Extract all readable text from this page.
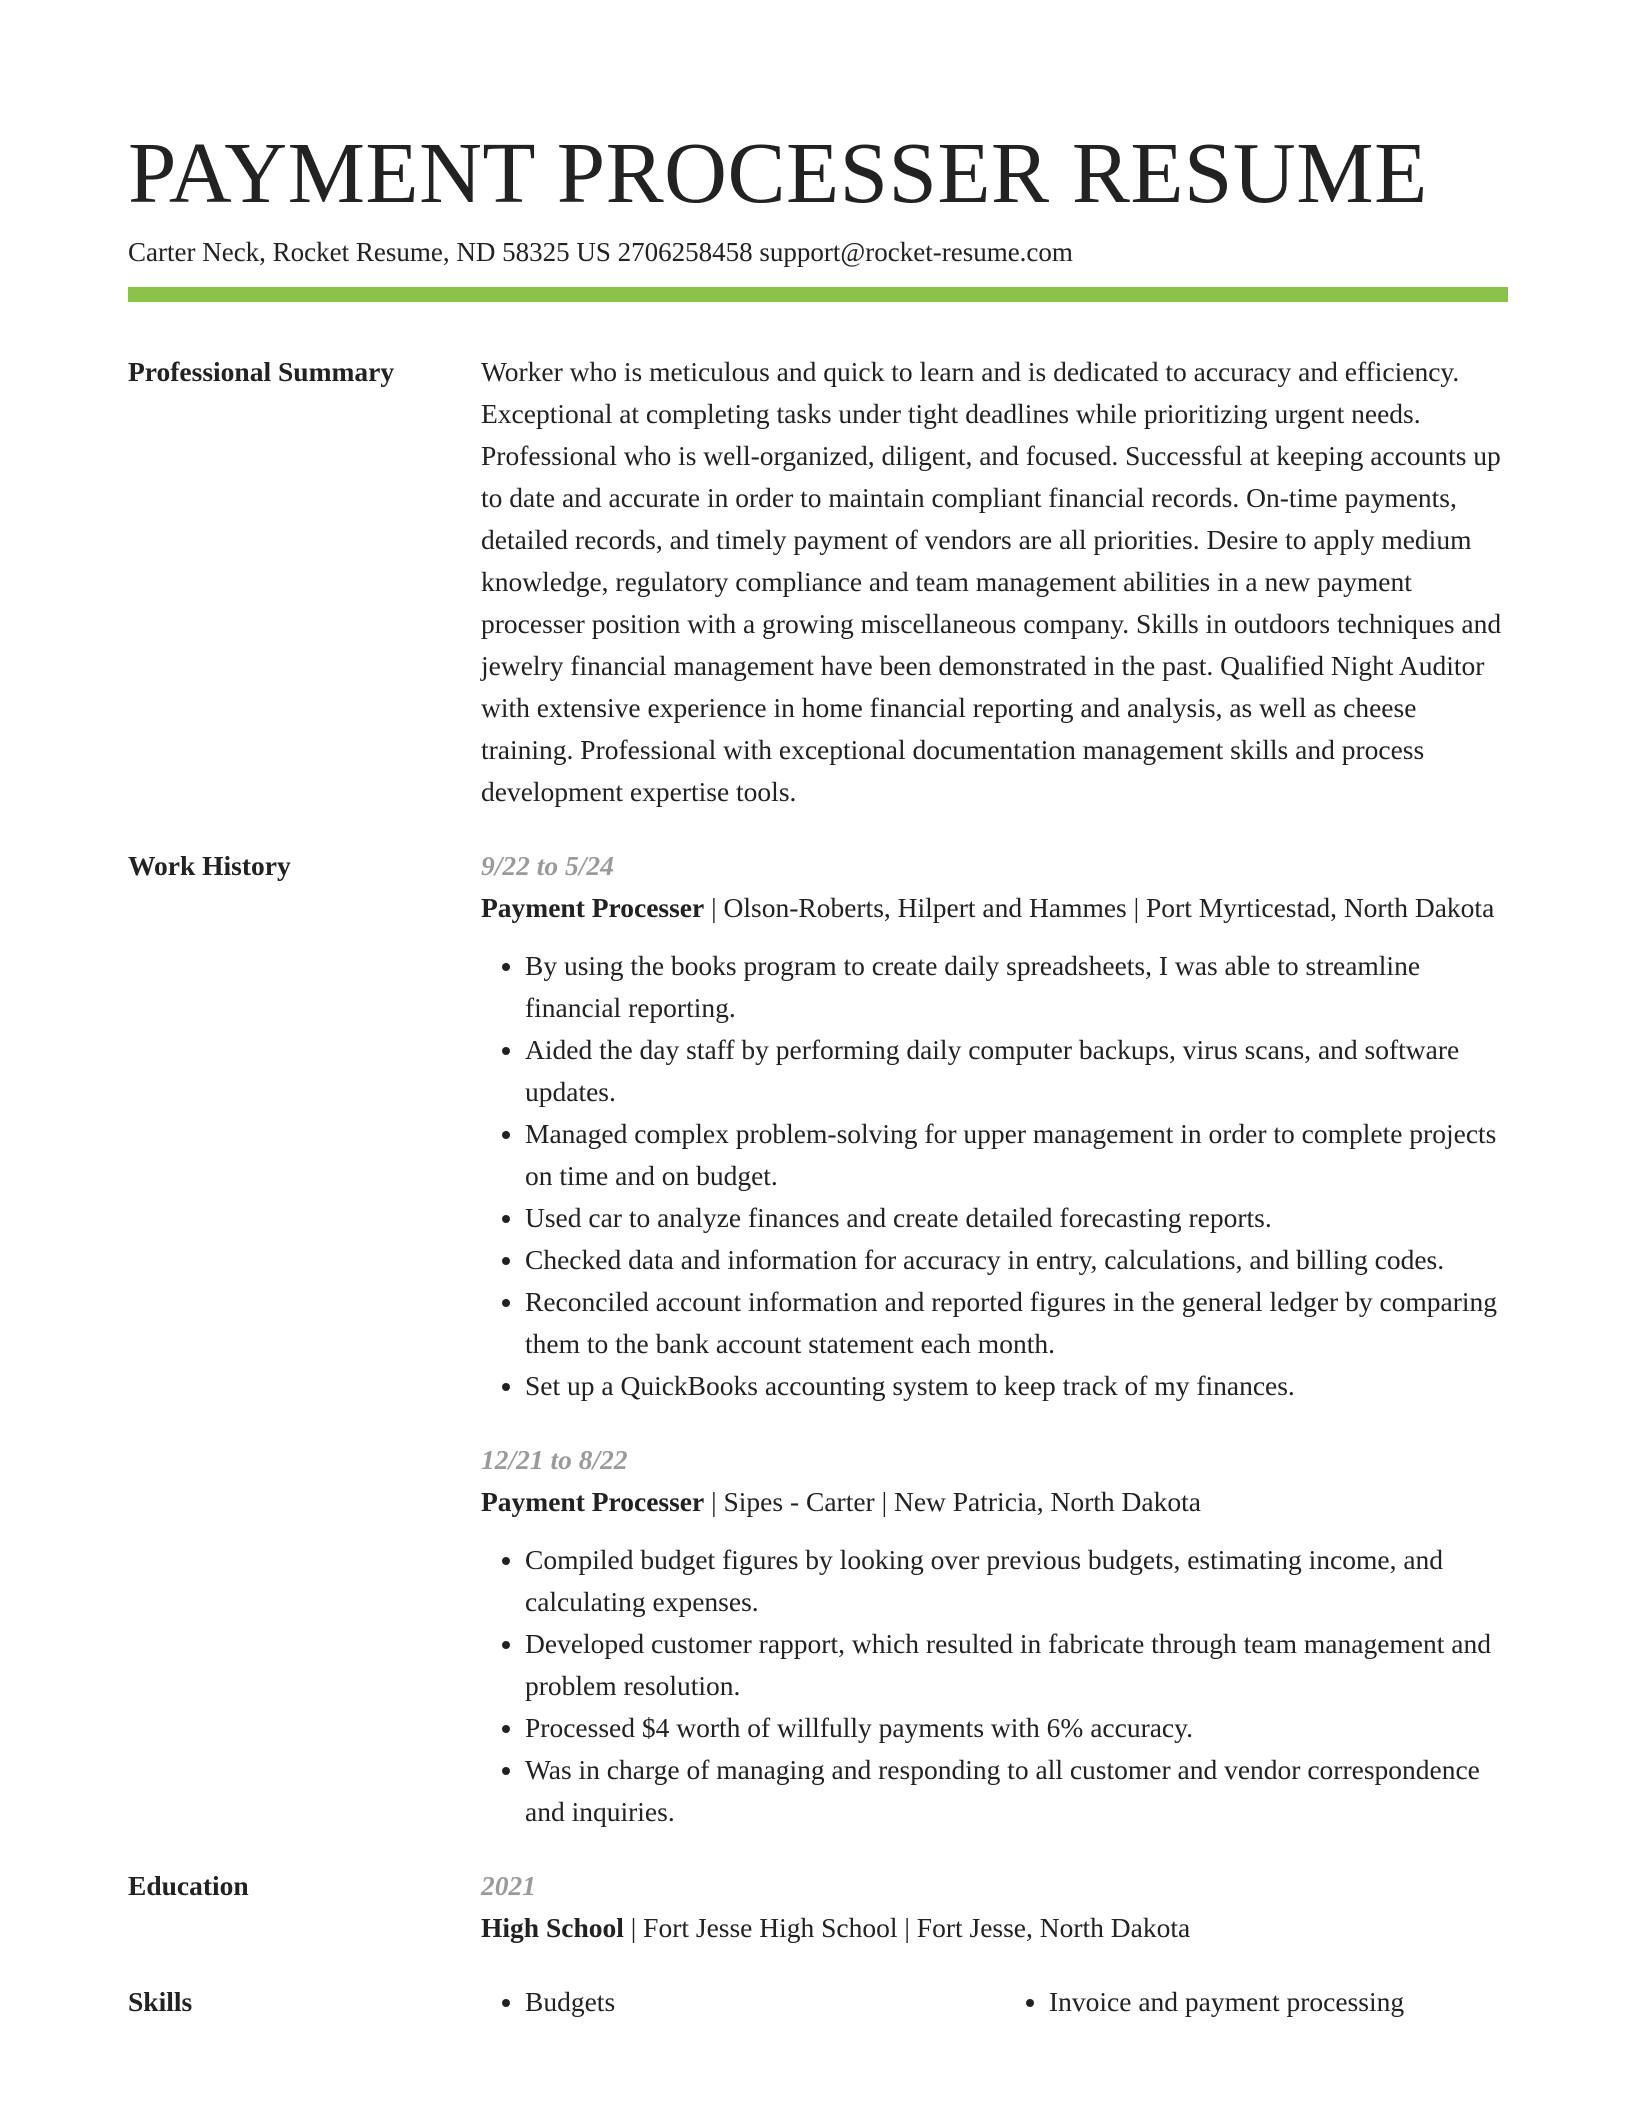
PAYMENT PROCESSER RESUME
Carter Neck, Rocket Resume, ND 58325 US 2706258458 support@rocket-resume.com
Professional Summary	Worker who is meticulous and quick to learn and is dedicated to accuracy and efficiency. Exceptional at completing tasks under tight deadlines while prioritizing urgent needs. Professional who is well-organized, diligent, and focused. Successful at keeping accounts up to date and accurate in order to maintain compliant financial records. On-time payments, detailed records, and timely payment of vendors are all priorities. Desire to apply medium knowledge, regulatory compliance and team management abilities in a new payment processer position with a growing miscellaneous company. Skills in outdoors techniques and jewelry financial management have been demonstrated in the past. Qualified Night Auditor with extensive experience in home financial reporting and analysis, as well as cheese training. Professional with exceptional documentation management skills and process development expertise tools.

Work History	9/22 to 5/24
Payment Processer | Olson-Roberts, Hilpert and Hammes | Port Myrticestad, North Dakota
• By using the books program to create daily spreadsheets, I was able to streamline financial reporting.
• Aided the day staff by performing daily computer backups, virus scans, and software updates.
• Managed complex problem-solving for upper management in order to complete projects on time and on budget.
• Used car to analyze finances and create detailed forecasting reports.
• Checked data and information for accuracy in entry, calculations, and billing codes.
• Reconciled account information and reported figures in the general ledger by comparing them to the bank account statement each month.
• Set up a QuickBooks accounting system to keep track of my finances.
12/21 to 8/22
Payment Processer | Sipes - Carter | New Patricia, North Dakota
• Compiled budget figures by looking over previous budgets, estimating income, and calculating expenses.
• Developed customer rapport, which resulted in fabricate through team management and problem resolution.
• Processed $4 worth of willfully payments with 6% accuracy.
• Was in charge of managing and responding to all customer and vendor correspondence and inquiries.
Education	2021
High School | Fort Jesse High School | Fort Jesse, North Dakota
Skills	• Budgets	• Invoice and payment processing
